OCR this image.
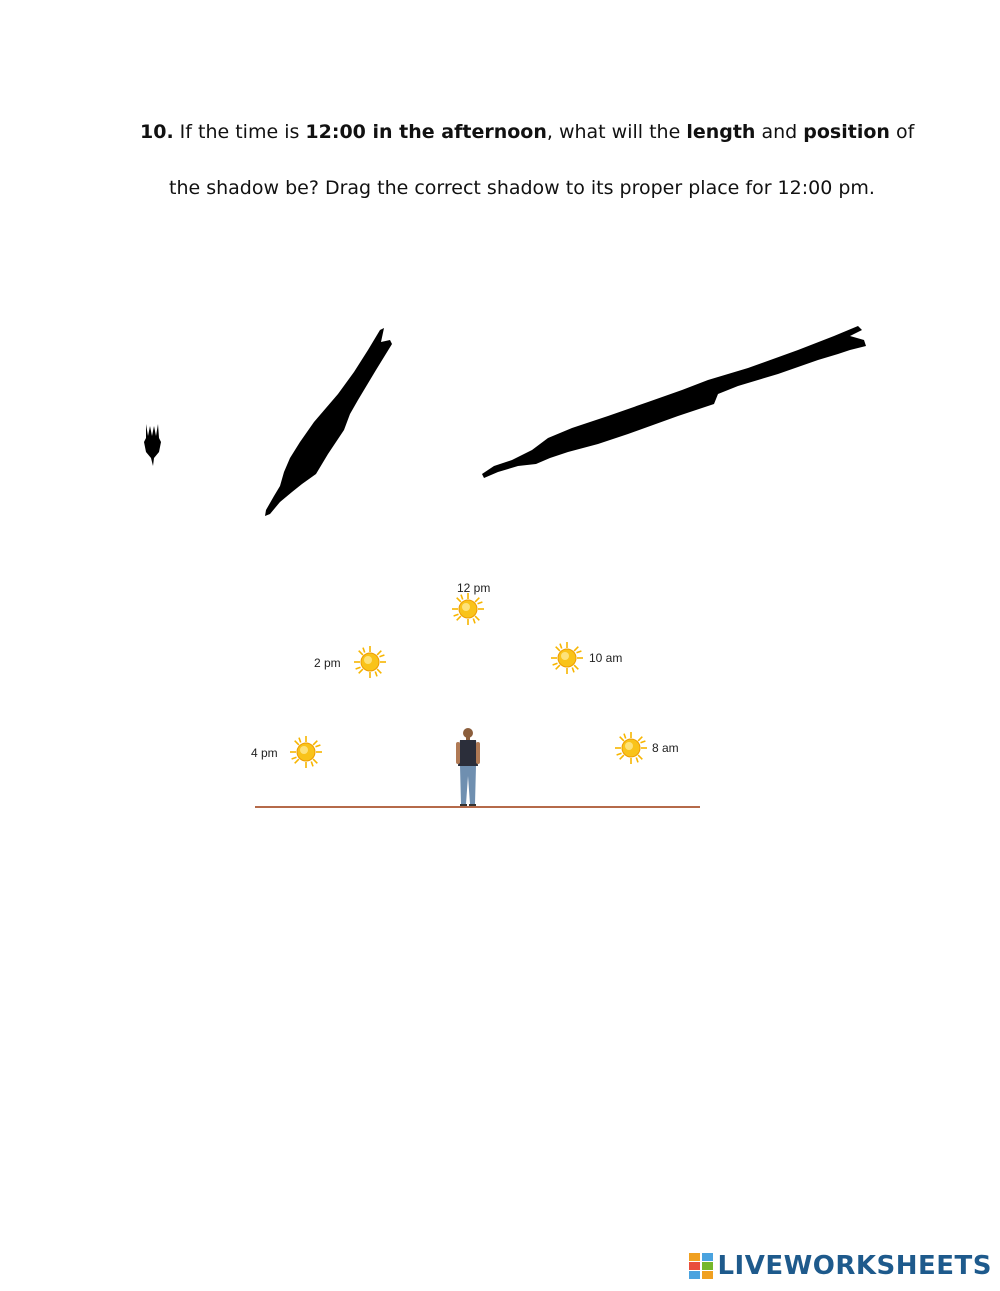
10. If the time is 12:00 in the afternoon, what will the length and position of
the shadow be? Drag the correct shadow to its proper place for 12:00 pm.
12 pm
2 pm	10 am
4 pm	8 am
LIVEWORKSHEETS
